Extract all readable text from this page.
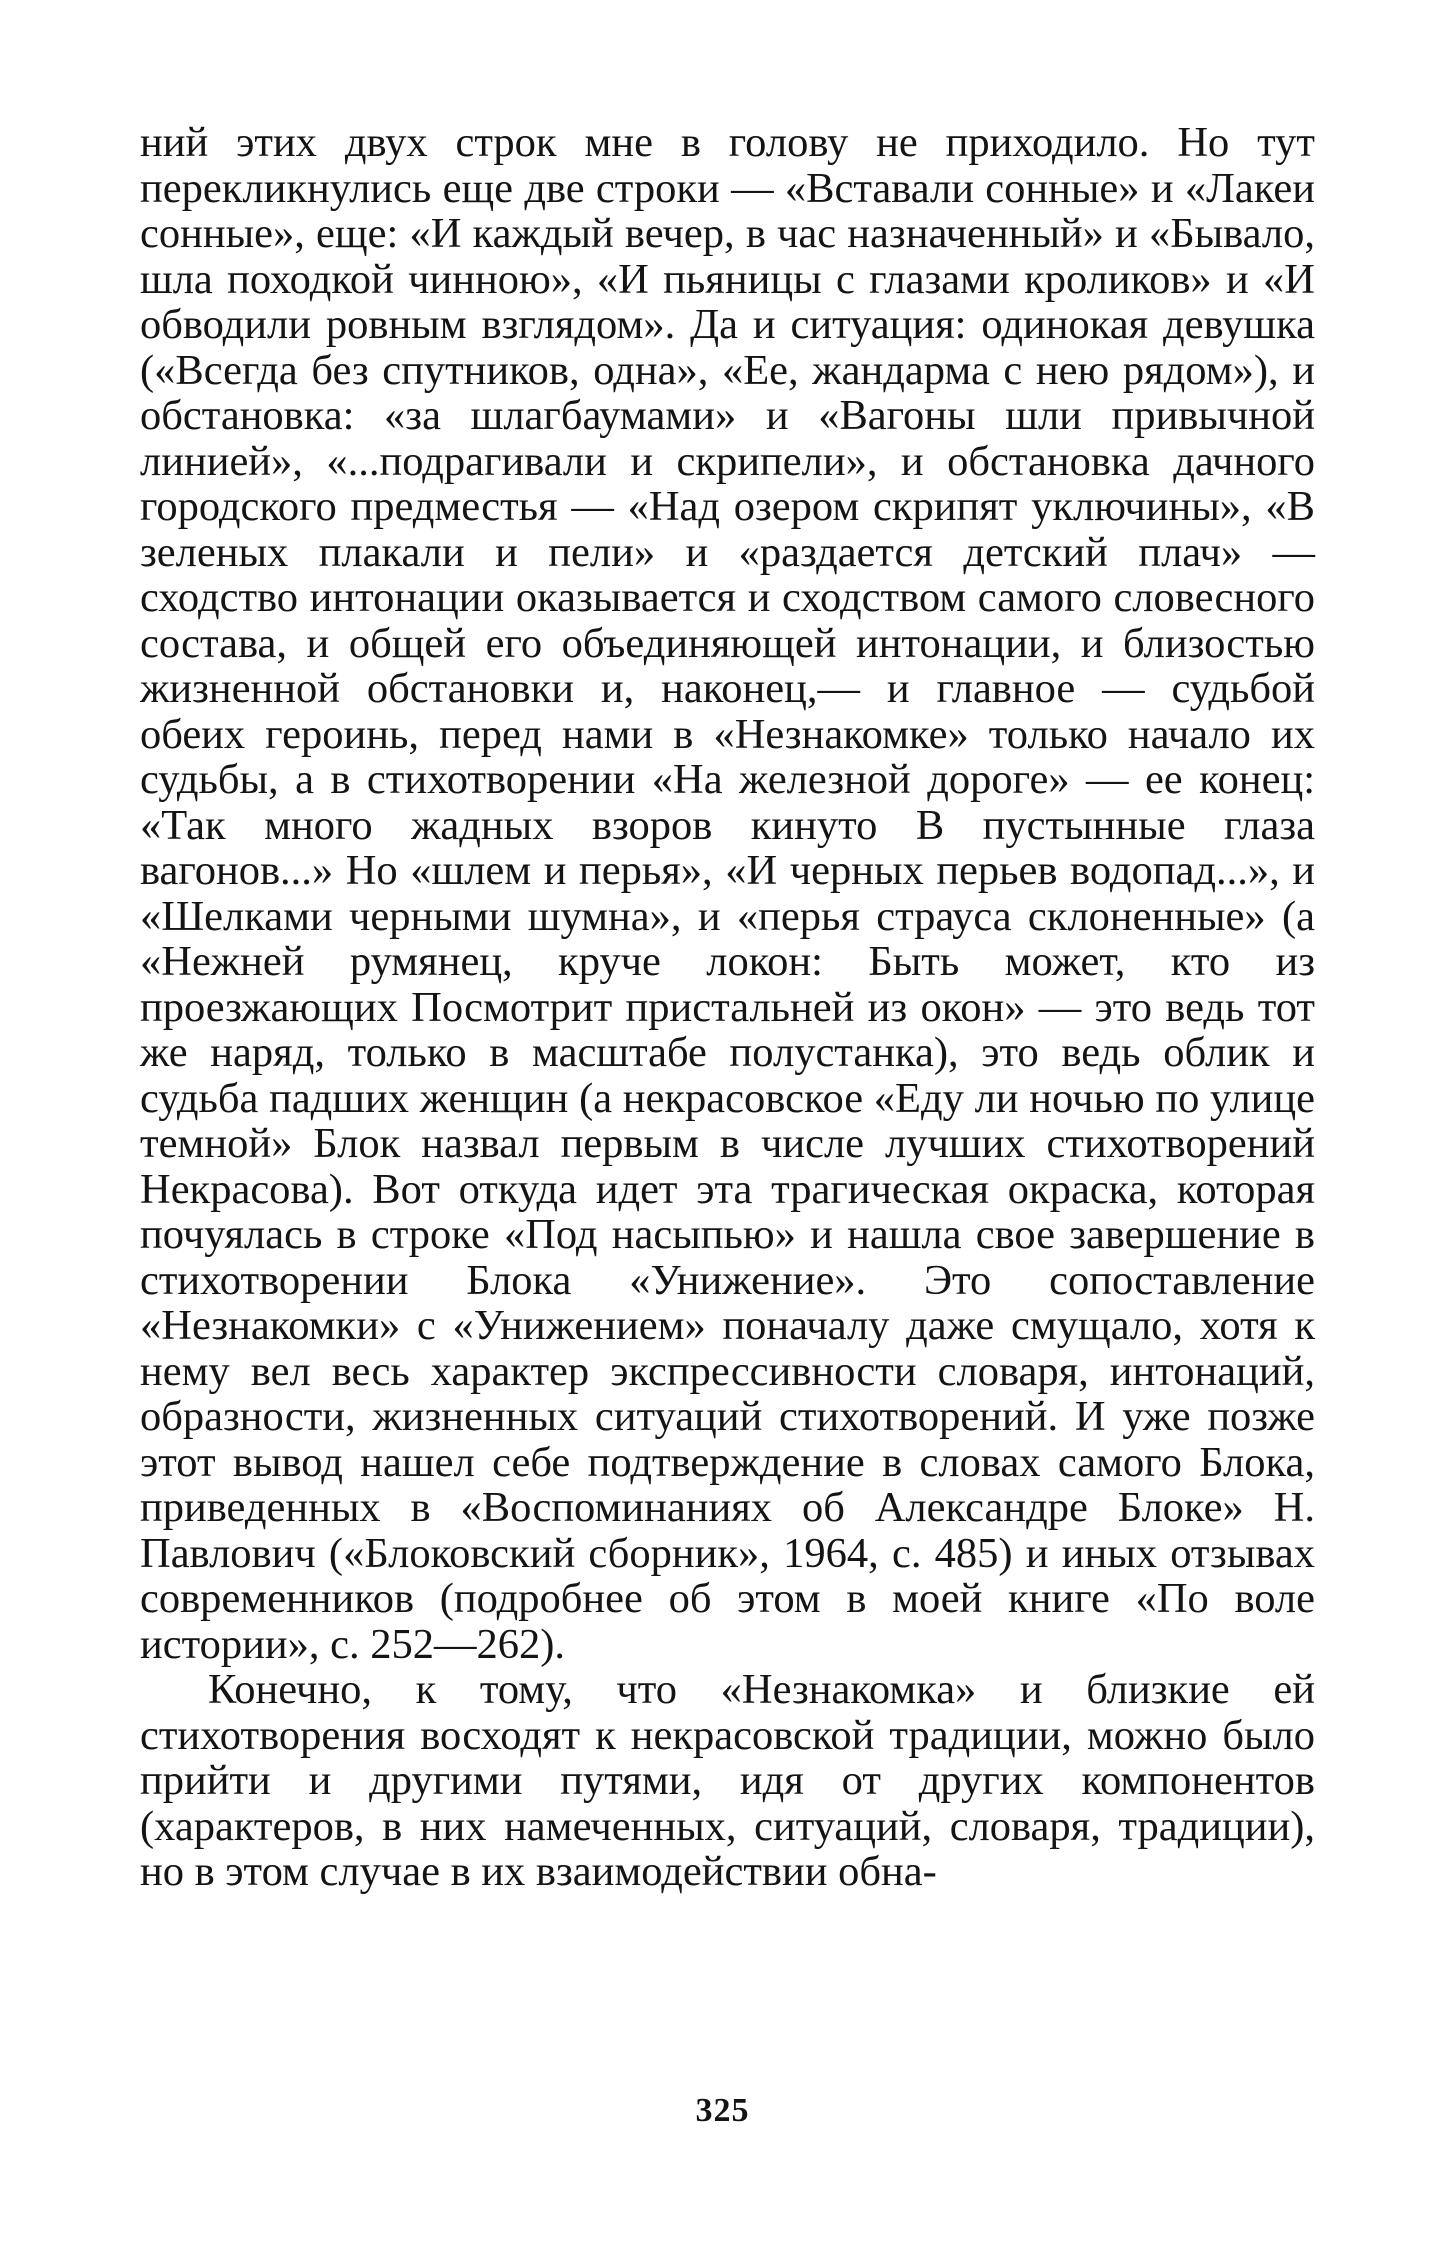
ний этих двух строк мне в голову не приходило. Но тут перекликнулись еще две строки — «Вставали сонные» и «Лакеи сонные», еще: «И каждый вечер, в час назначенный» и «Бывало, шла походкой чинною», «И пьяницы с глазами кроликов» и «И обводили ровным взглядом». Да и ситуация: одинокая девушка («Всегда без спутников, одна», «Ее, жандарма с нею рядом»), и обстановка: «за шлагбаумами» и «Вагоны шли привычной линией», «...подрагивали и скрипели», и обстановка дачного городского предместья — «Над озером скрипят уключины», «В зеленых плакали и пели» и «раздается детский плач» — сходство интонации оказывается и сходством самого словесного состава, и общей его объединяющей интонации, и близостью жизненной обстановки и, наконец,— и главное — судьбой обеих героинь, перед нами в «Незнакомке» только начало их судьбы, а в стихотворении «На железной дороге» — ее конец: «Так много жадных взоров кинуто В пустынные глаза вагонов...» Но «шлем и перья», «И черных перьев водопад...», и «Шелками черными шумна», и «перья страуса склоненные» (а «Нежней румянец, круче локон: Быть может, кто из проезжающих Посмотрит пристальней из окон» — это ведь тот же наряд, только в масштабе полустанка), это ведь облик и судьба падших женщин (а некрасовское «Еду ли ночью по улице темной» Блок назвал первым в числе лучших стихотворений Некрасова). Вот откуда идет эта трагическая окраска, которая почуялась в строке «Под насыпью» и нашла свое завершение в стихотворении Блока «Унижение». Это сопоставление «Незнакомки» с «Унижением» поначалу даже смущало, хотя к нему вел весь характер экспрессивности словаря, интонаций, образности, жизненных ситуаций стихотворений. И уже позже этот вывод нашел себе подтверждение в словах самого Блока, приведенных в «Воспоминаниях об Александре Блоке» Н. Павлович («Блоковский сборник», 1964, с. 485) и иных отзывах современников (подробнее об этом в моей книге «По воле истории», с. 252—262).

Конечно, к тому, что «Незнакомка» и близкие ей стихотворения восходят к некрасовской традиции, можно было прийти и другими путями, идя от других компонентов (характеров, в них намеченных, ситуаций, словаря, традиции), но в этом случае в их взаимодействии обна-

325
